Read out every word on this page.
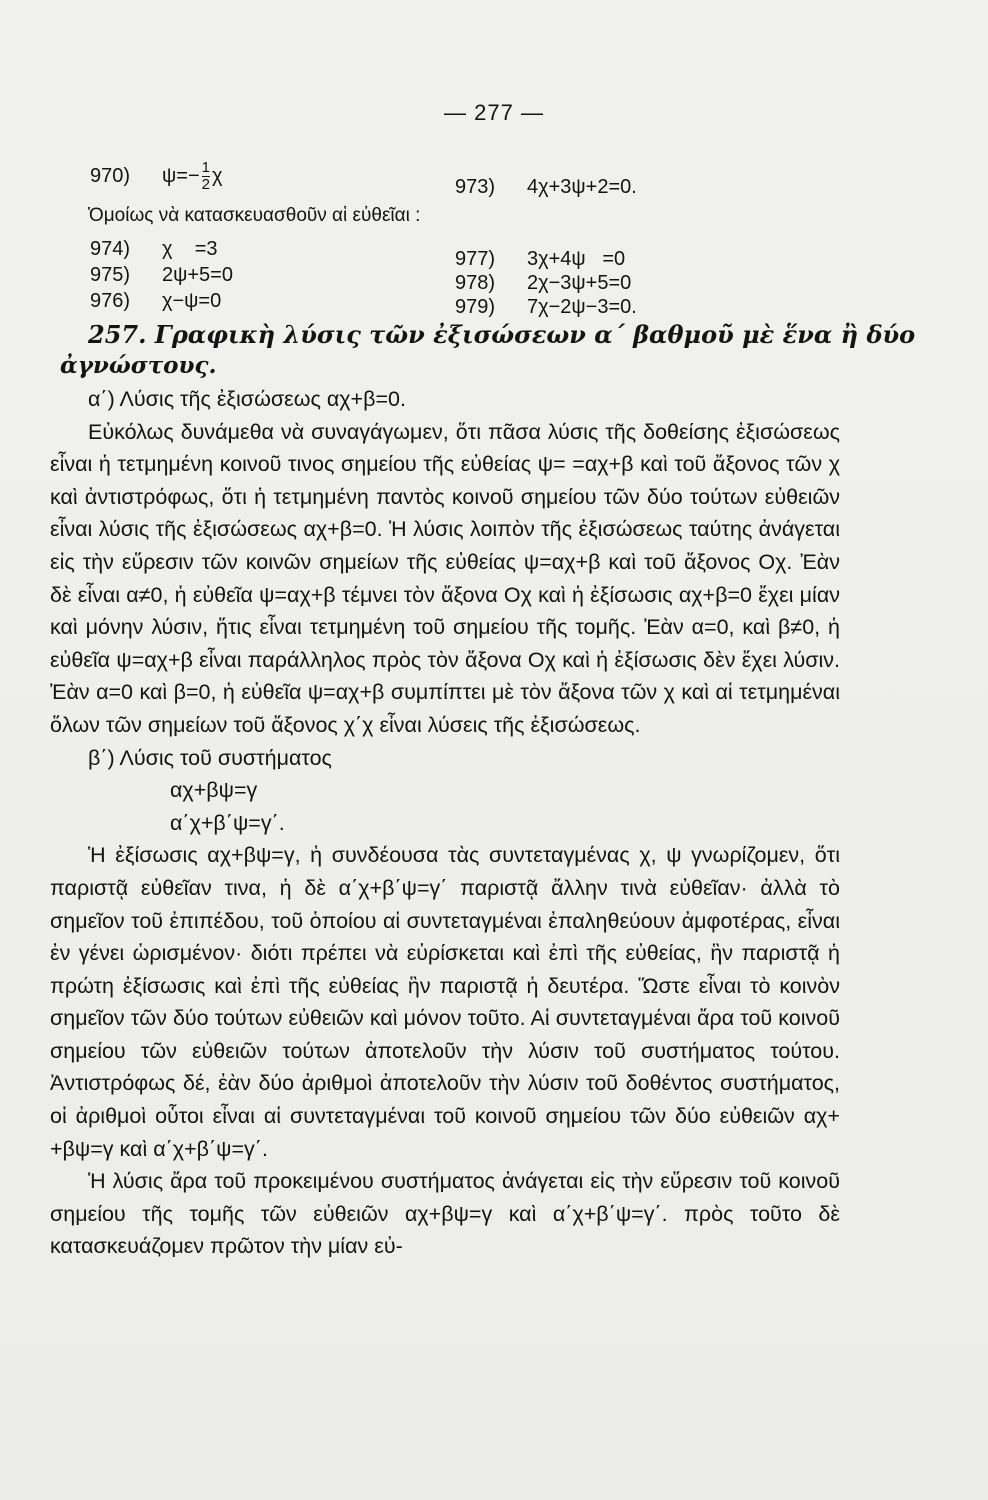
— 277 —
970) $\psi=- \frac{1}{2}$ χ
973) 4χ+3ψ+2=0.
Ὁμοίως νὰ κατασκευασθοῦν αἱ εὐθεῖαι :
974) χ    =3
975) 2ψ+5=0
976) χ−ψ=0
977) 3χ+4ψ   =0
978) 2χ−3ψ+5=0
979) 7χ−2ψ−3=0.
257. Γραφικὴ λύσις τῶν ἐξισώσεων α΄ βαθμοῦ μὲ ἕνα ἢ δύο
ἀγνώστους.

α΄) Λύσις τῆς ἐξισώσεως αχ+β=0.

Εὐκόλως δυνάμεθα νὰ συναγάγωμεν, ὅτι πᾶσα λύσις τῆς δοθείσης ἐξισώσεως εἶναι ἡ τετμημένη κοινοῦ τινος σημείου τῆς εὐθείας ψ= =αχ+β καὶ τοῦ ἄξονος τῶν χ καὶ ἀντιστρόφως, ὅτι ἡ τετμημένη παντὸς κοινοῦ σημείου τῶν δύο τούτων εὐθειῶν εἶναι λύσις τῆς ἐξισώσεως αχ+β=0. Ἡ λύσις λοιπὸν τῆς ἐξισώσεως ταύτης ἀνάγεται εἰς τὴν εὕρεσιν τῶν κοινῶν σημείων τῆς εὐθείας ψ=αχ+β καὶ τοῦ ἄξονος Οχ. Ἐὰν δὲ εἶναι α≠0, ἡ εὐθεῖα ψ=αχ+β τέμνει τὸν ἄξονα Οχ καὶ ἡ ἐξίσωσις αχ+β=0 ἔχει μίαν καὶ μόνην λύσιν, ἥτις εἶναι τετμημένη τοῦ σημείου τῆς τομῆς. Ἐὰν α=0, καὶ β≠0, ἡ εὐθεῖα ψ=αχ+β εἶναι παράλληλος πρὸς τὸν ἄξονα Οχ καὶ ἡ ἐξίσωσις δὲν ἔχει λύσιν. Ἐὰν α=0 καὶ β=0, ἡ εὐθεῖα ψ=αχ+β συμπίπτει μὲ τὸν ἄξονα τῶν χ καὶ αἱ τετμημέναι ὅλων τῶν σημείων τοῦ ἄξονος χ΄χ εἶναι λύσεις τῆς ἐξισώσεως.

β΄) Λύσις τοῦ συστήματος

αχ+βψ=γ

α΄χ+β΄ψ=γ΄.

Ἡ ἐξίσωσις αχ+βψ=γ, ἡ συνδέουσα τὰς συντεταγμένας χ, ψ γνωρίζομεν, ὅτι παριστᾷ εὐθεῖαν τινα, ἡ δὲ α΄χ+β΄ψ=γ΄ παριστᾷ ἄλλην τινὰ εὐθεῖαν· ἀλλὰ τὸ σημεῖον τοῦ ἐπιπέδου, τοῦ ὁποίου αἱ συντεταγμέναι ἐπαληθεύουν ἀμφοτέρας, εἶναι ἐν γένει ὡρισμένον· διότι πρέπει νὰ εὑρίσκεται καὶ ἐπὶ τῆς εὐθείας, ἣν παριστᾷ ἡ πρώτη ἐξίσωσις καὶ ἐπὶ τῆς εὐθείας ἣν παριστᾷ ἡ δευτέρα. Ὥστε εἶναι τὸ κοινὸν σημεῖον τῶν δύο τούτων εὐθειῶν καὶ μόνον τοῦτο. Αἱ συντεταγμέναι ἄρα τοῦ κοινοῦ σημείου τῶν εὐθειῶν τούτων ἀποτελοῦν τὴν λύσιν τοῦ συστήματος τούτου. Ἀντιστρόφως δέ, ἐὰν δύο ἀριθμοὶ ἀποτελοῦν τὴν λύσιν τοῦ δοθέντος συστήματος, οἱ ἀριθμοὶ οὗτοι εἶναι αἱ συντεταγμέναι τοῦ κοινοῦ σημείου τῶν δύο εὐθειῶν αχ+ +βψ=γ καὶ α΄χ+β΄ψ=γ΄.

Ἡ λύσις ἄρα τοῦ προκειμένου συστήματος ἀνάγεται εἰς τὴν εὕρεσιν τοῦ κοινοῦ σημείου τῆς τομῆς τῶν εὐθειῶν αχ+βψ=γ καὶ α΄χ+β΄ψ=γ΄. πρὸς τοῦτο δὲ κατασκευάζομεν πρῶτον τὴν μίαν εὐ-
